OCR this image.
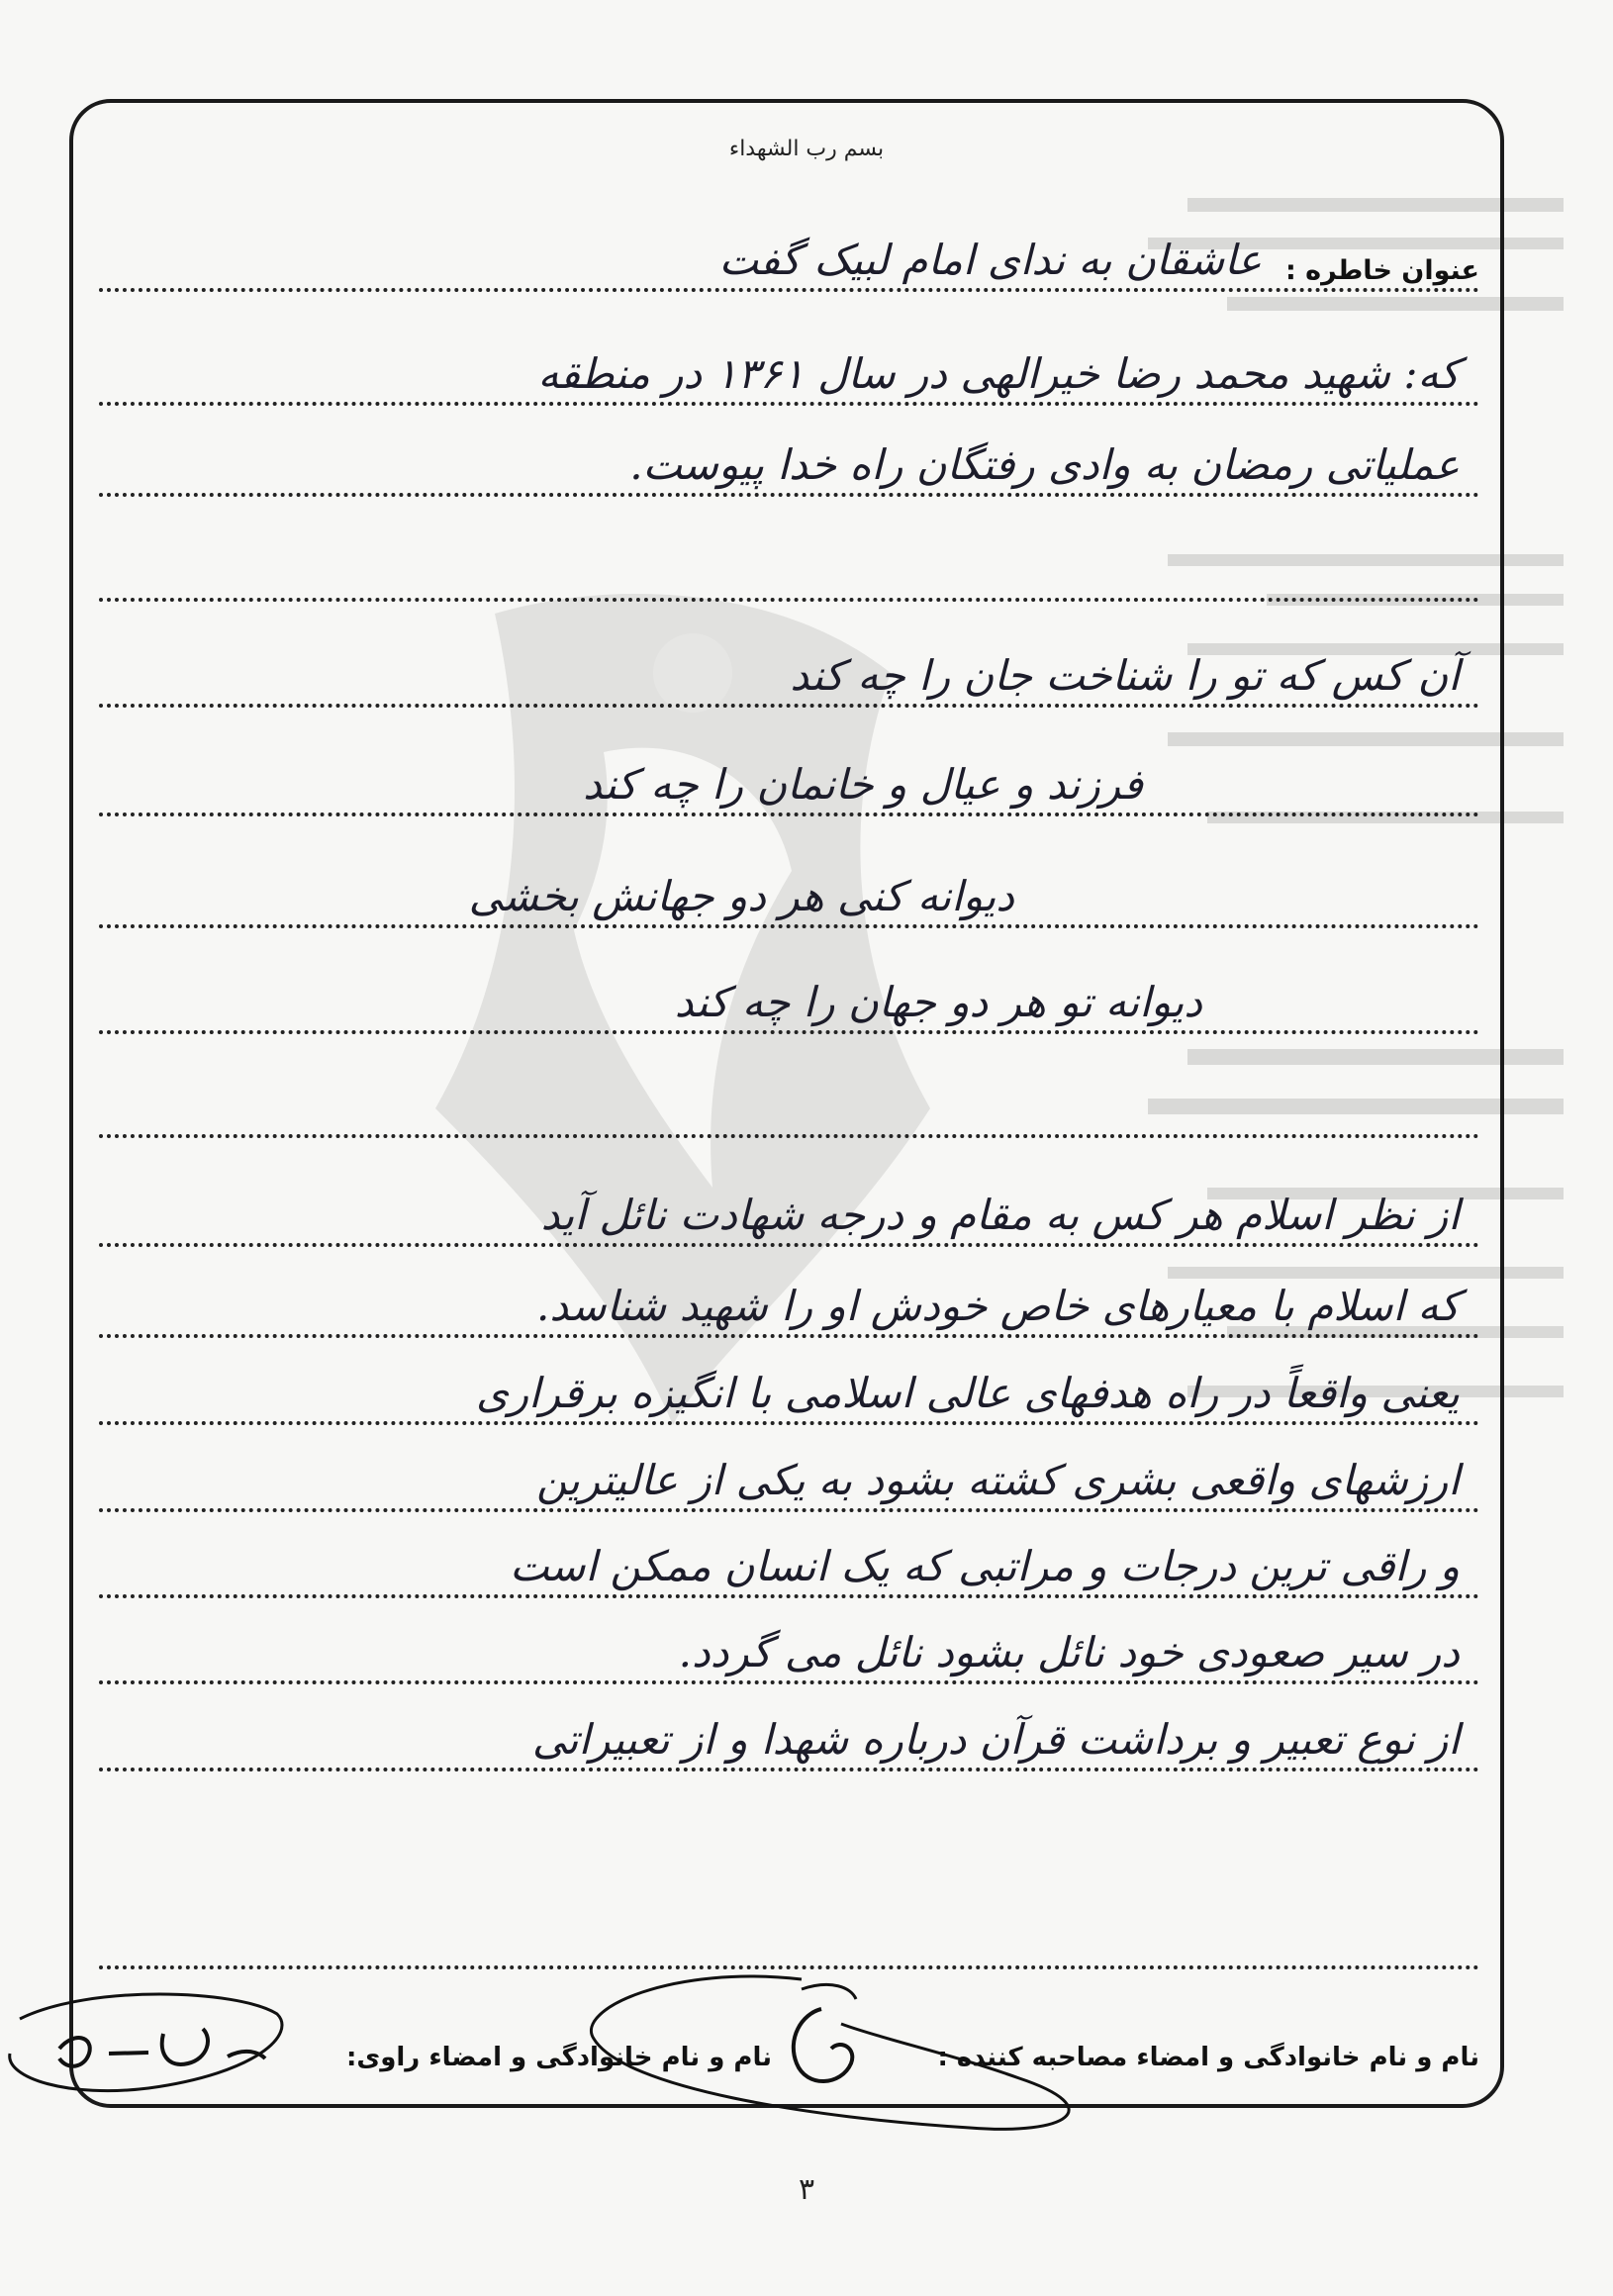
بسم رب الشهداء
عنوان خاطره :
عاشقان به ندای امام لبیک گفت
که: شهید محمد رضا خیرالهی در سال ۱۳۶۱ در منطقه
عملیاتی رمضان به وادی رفتگان راه خدا پیوست.
آن کس که تو را شناخت جان را چه کند
فرزند و عیال و خانمان را چه کند
دیوانه کنی هر دو جهانش بخشی
دیوانه تو هر دو جهان را چه کند
از نظر اسلام هر کس به مقام و درجه شهادت نائل آید
که اسلام با معیارهای خاص خودش او را شهید شناسد.
یعنی واقعاً در راه هدفهای عالی اسلامی با انگیزه برقراری
ارزشهای واقعی بشری کشته بشود به یکی از عالیترین
و راقی ترین درجات و مراتبی که یک انسان ممکن است
در سیر صعودی خود نائل بشود نائل می گردد.
از نوع تعبیر و برداشت قرآن درباره شهدا و از تعبیراتی
نام و نام خانوادگی و امضاء مصاحبه کننده :
نام و نام خانوادگی و امضاء راوی:
۳
